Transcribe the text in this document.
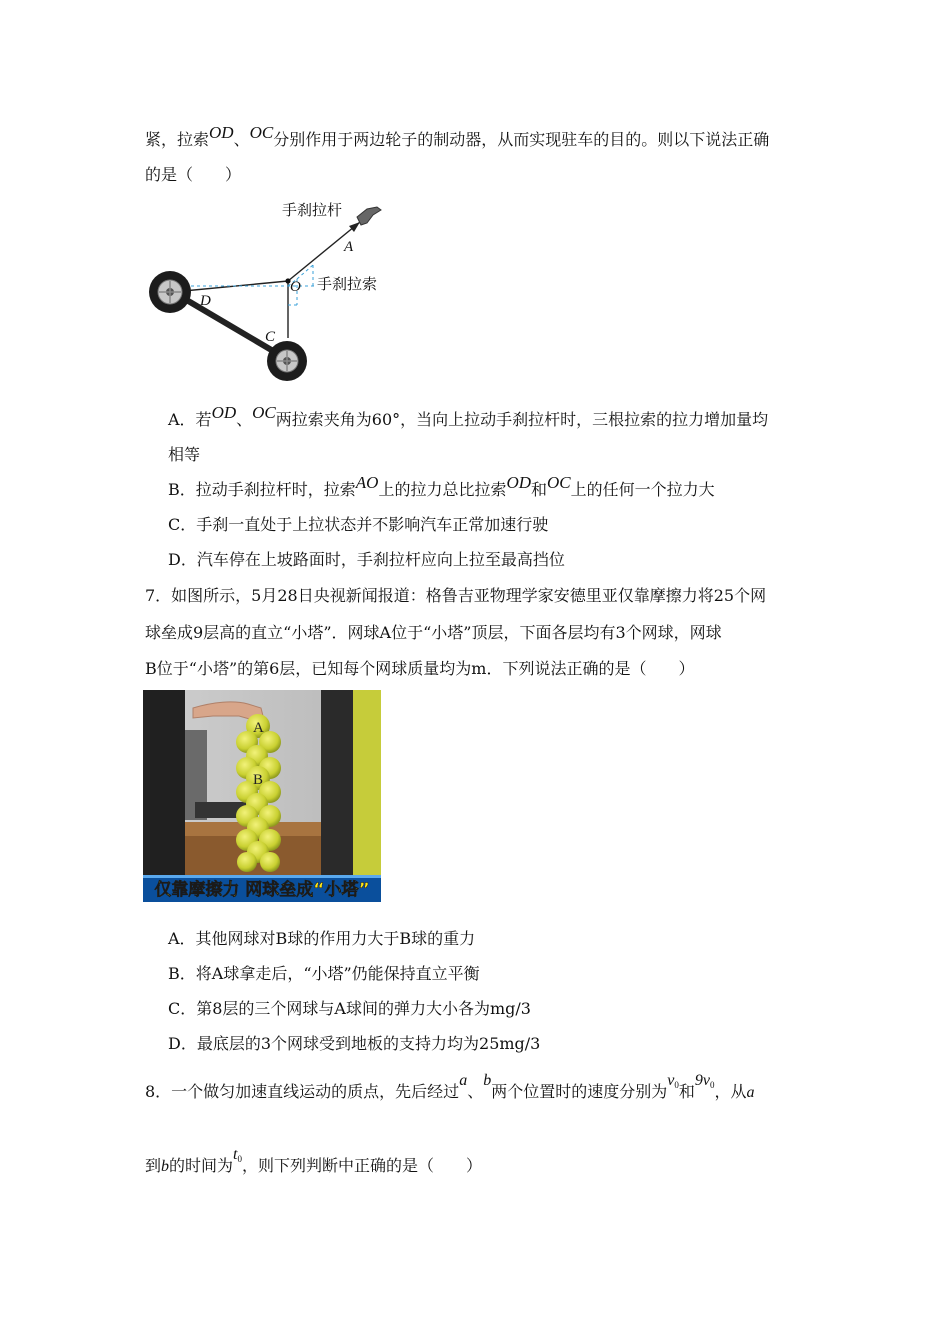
紧，拉索OD、OC分别作用于两边轮子的制动器，从而实现驻车的目的。则以下说法正确
的是（　　）
手刹拉杆
手刹拉索
A
O
D
C
A．若OD、OC两拉索夹角为60°，当向上拉动手刹拉杆时，三根拉索的拉力增加量均
相等
B．拉动手刹拉杆时，拉索AO上的拉力总比拉索OD和OC上的任何一个拉力大
C．手刹一直处于上拉状态并不影响汽车正常加速行驶
D．汽车停在上坡路面时，手刹拉杆应向上拉至最高挡位
7．如图所示，5月28日央视新闻报道：格鲁吉亚物理学家安德里亚仅靠摩擦力将25个网
球垒成9层高的直立“小塔”．网球A位于“小塔”顶层，下面各层均有3个网球，网球
B位于“小塔”的第6层，已知每个网球质量均为m．下列说法正确的是（　　）
A
B
仅靠摩擦力 网球垒成“小塔”
A．其他网球对B球的作用力大于B球的重力
B．将A球拿走后，“小塔”仍能保持直立平衡
C．第8层的三个网球与A球间的弹力大小各为mg/3
D．最底层的3个网球受到地板的支持力均为25mg/3
8．一个做匀加速直线运动的质点，先后经过a、b两个位置时的速度分别为v0和9v0，从a
到b的时间为t0，则下列判断中正确的是（　　）
